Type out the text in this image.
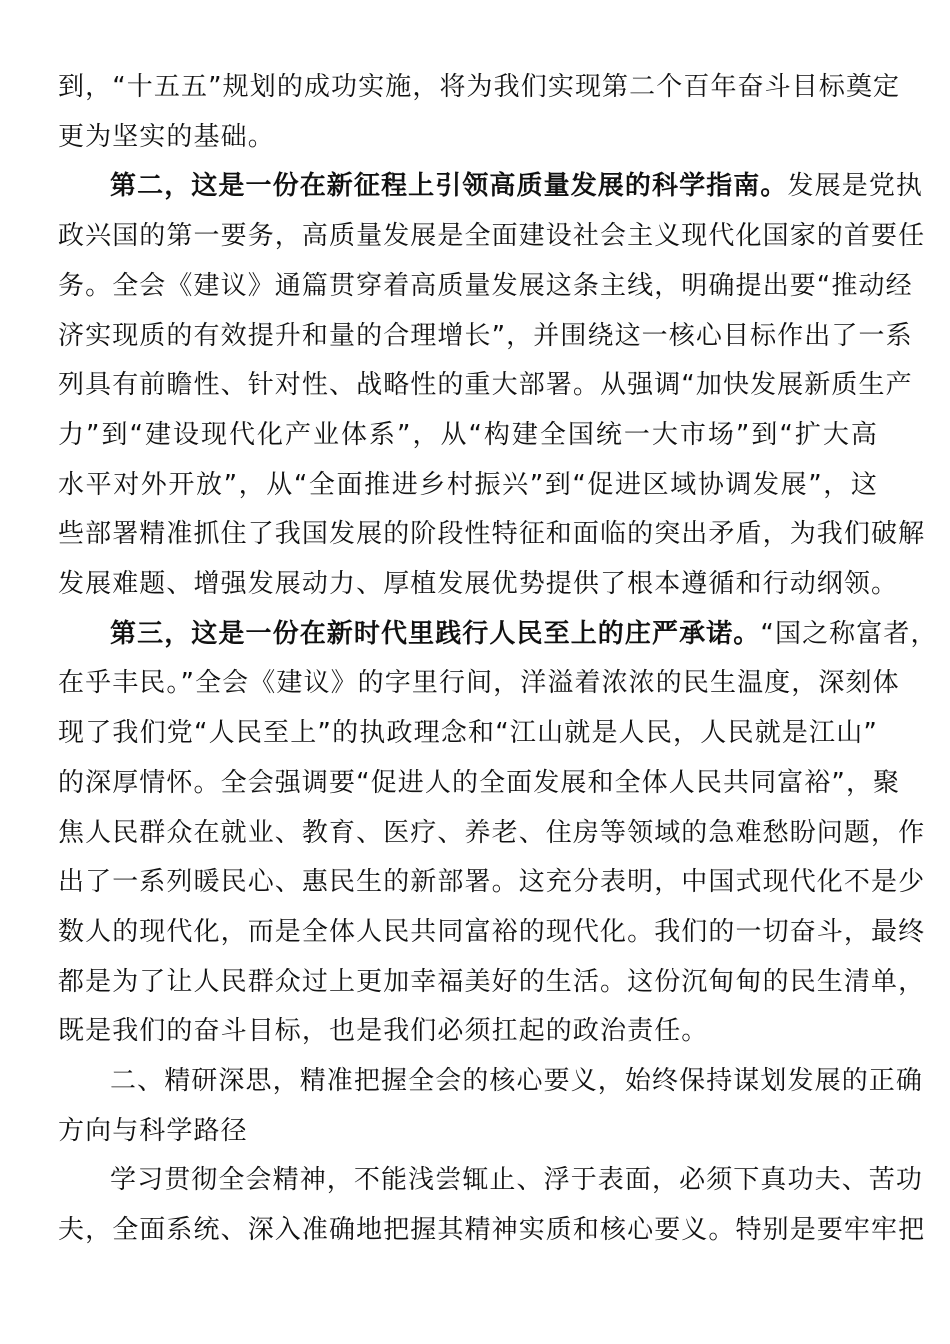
到，“十五五”规划的成功实施，将为我们实现第二个百年奋斗目标奠定
更为坚实的基础。
第二，这是一份在新征程上引领高质量发展的科学指南。发展是党执
政兴国的第一要务，高质量发展是全面建设社会主义现代化国家的首要任
务。全会《建议》通篇贯穿着高质量发展这条主线，明确提出要“推动经
济实现质的有效提升和量的合理增长”，并围绕这一核心目标作出了一系
列具有前瞻性、针对性、战略性的重大部署。从强调“加快发展新质生产
力”到“建设现代化产业体系”，从“构建全国统一大市场”到“扩大高
水平对外开放”，从“全面推进乡村振兴”到“促进区域协调发展”，这
些部署精准抓住了我国发展的阶段性特征和面临的突出矛盾，为我们破解
发展难题、增强发展动力、厚植发展优势提供了根本遵循和行动纲领。
第三，这是一份在新时代里践行人民至上的庄严承诺。“国之称富者，
在乎丰民。”全会《建议》的字里行间，洋溢着浓浓的民生温度，深刻体
现了我们党“人民至上”的执政理念和“江山就是人民，人民就是江山”
的深厚情怀。全会强调要“促进人的全面发展和全体人民共同富裕”，聚
焦人民群众在就业、教育、医疗、养老、住房等领域的急难愁盼问题，作
出了一系列暖民心、惠民生的新部署。这充分表明，中国式现代化不是少
数人的现代化，而是全体人民共同富裕的现代化。我们的一切奋斗，最终
都是为了让人民群众过上更加幸福美好的生活。这份沉甸甸的民生清单，
既是我们的奋斗目标，也是我们必须扛起的政治责任。
二、精研深思，精准把握全会的核心要义，始终保持谋划发展的正确
方向与科学路径
学习贯彻全会精神，不能浅尝辄止、浮于表面，必须下真功夫、苦功
夫，全面系统、深入准确地把握其精神实质和核心要义。特别是要牢牢把
